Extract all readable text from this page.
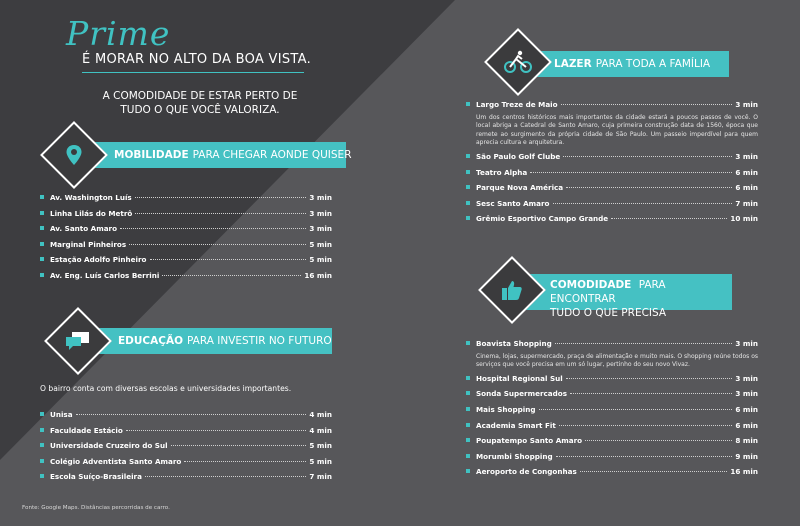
Prime
É MORAR NO ALTO DA BOA VISTA.
A COMODIDADE DE ESTAR PERTO DE TUDO O QUE VOCÊ VALORIZA.
MOBILIDADE PARA CHEGAR AONDE QUISER
Av. Washington Luís	3 min
Linha Lilás do Metrô	3 min
Av. Santo Amaro	3 min
Marginal Pinheiros	5 min
Estação Adolfo Pinheiro	5 min
Av. Eng. Luís Carlos Berrini	16 min
EDUCAÇÃO PARA INVESTIR NO FUTURO
O bairro conta com diversas escolas e universidades importantes.
Unisa	4 min
Faculdade Estácio	4 min
Universidade Cruzeiro do Sul	5 min
Colégio Adventista Santo Amaro	5 min
Escola Suíço-Brasileira	7 min
LAZER PARA TODA A FAMÍLIA
Largo Treze de Maio	3 min
Um dos centros históricos mais importantes da cidade estará a poucos passos de você. O local abriga a Catedral de Santo Amaro, cuja primeira construção data de 1560, época que remete ao surgimento da própria cidade de São Paulo. Um passeio imperdível para quem aprecia cultura e arquitetura.
São Paulo Golf Clube	3 min
Teatro Alpha	6 min
Parque Nova América	6 min
Sesc Santo Amaro	7 min
Grêmio Esportivo Campo Grande	10 min
COMODIDADE PARA ENCONTRAR
TUDO O QUE PRECISA
Boavista Shopping	3 min
Cinema, lojas, supermercado, praça de alimentação e muito mais. O shopping reúne todos os serviços que você precisa em um só lugar, pertinho do seu novo Vivaz.
Hospital Regional Sul	3 min
Sonda Supermercados	3 min
Mais Shopping	6 min
Academia Smart Fit	6 min
Poupatempo Santo Amaro	8 min
Morumbi Shopping	9 min
Aeroporto de Congonhas	16 min
Fonte: Google Maps. Distâncias percorridas de carro.
